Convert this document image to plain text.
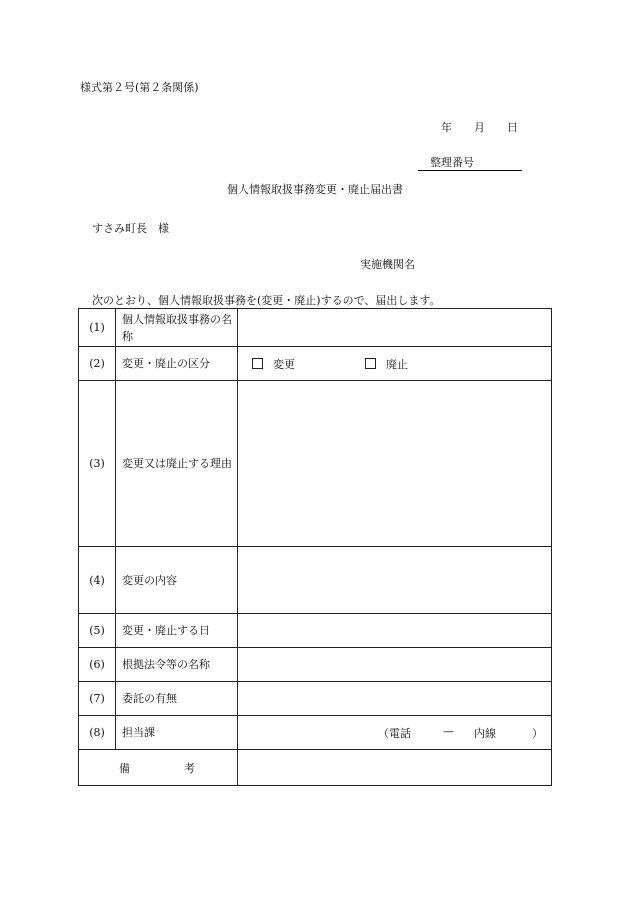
様式第２号(第２条関係)
年 月 日
整理番号
個人情報取扱事務変更・廃止届出書
すさみ町長　様
実施機関名
次のとおり、個人情報取扱事務を(変更・廃止)するので、届出します。
(1)	個人情報取扱事務の名称	
(2)	変更・廃止の区分	変更 廃止
(3)	変更又は廃止する理由	
(4)	変更の内容	
(5)	変更・廃止する日	
(6)	根拠法令等の名称	
(7)	委託の有無	
(8)	担当課	（電話 — 内線 ）

備 考		
